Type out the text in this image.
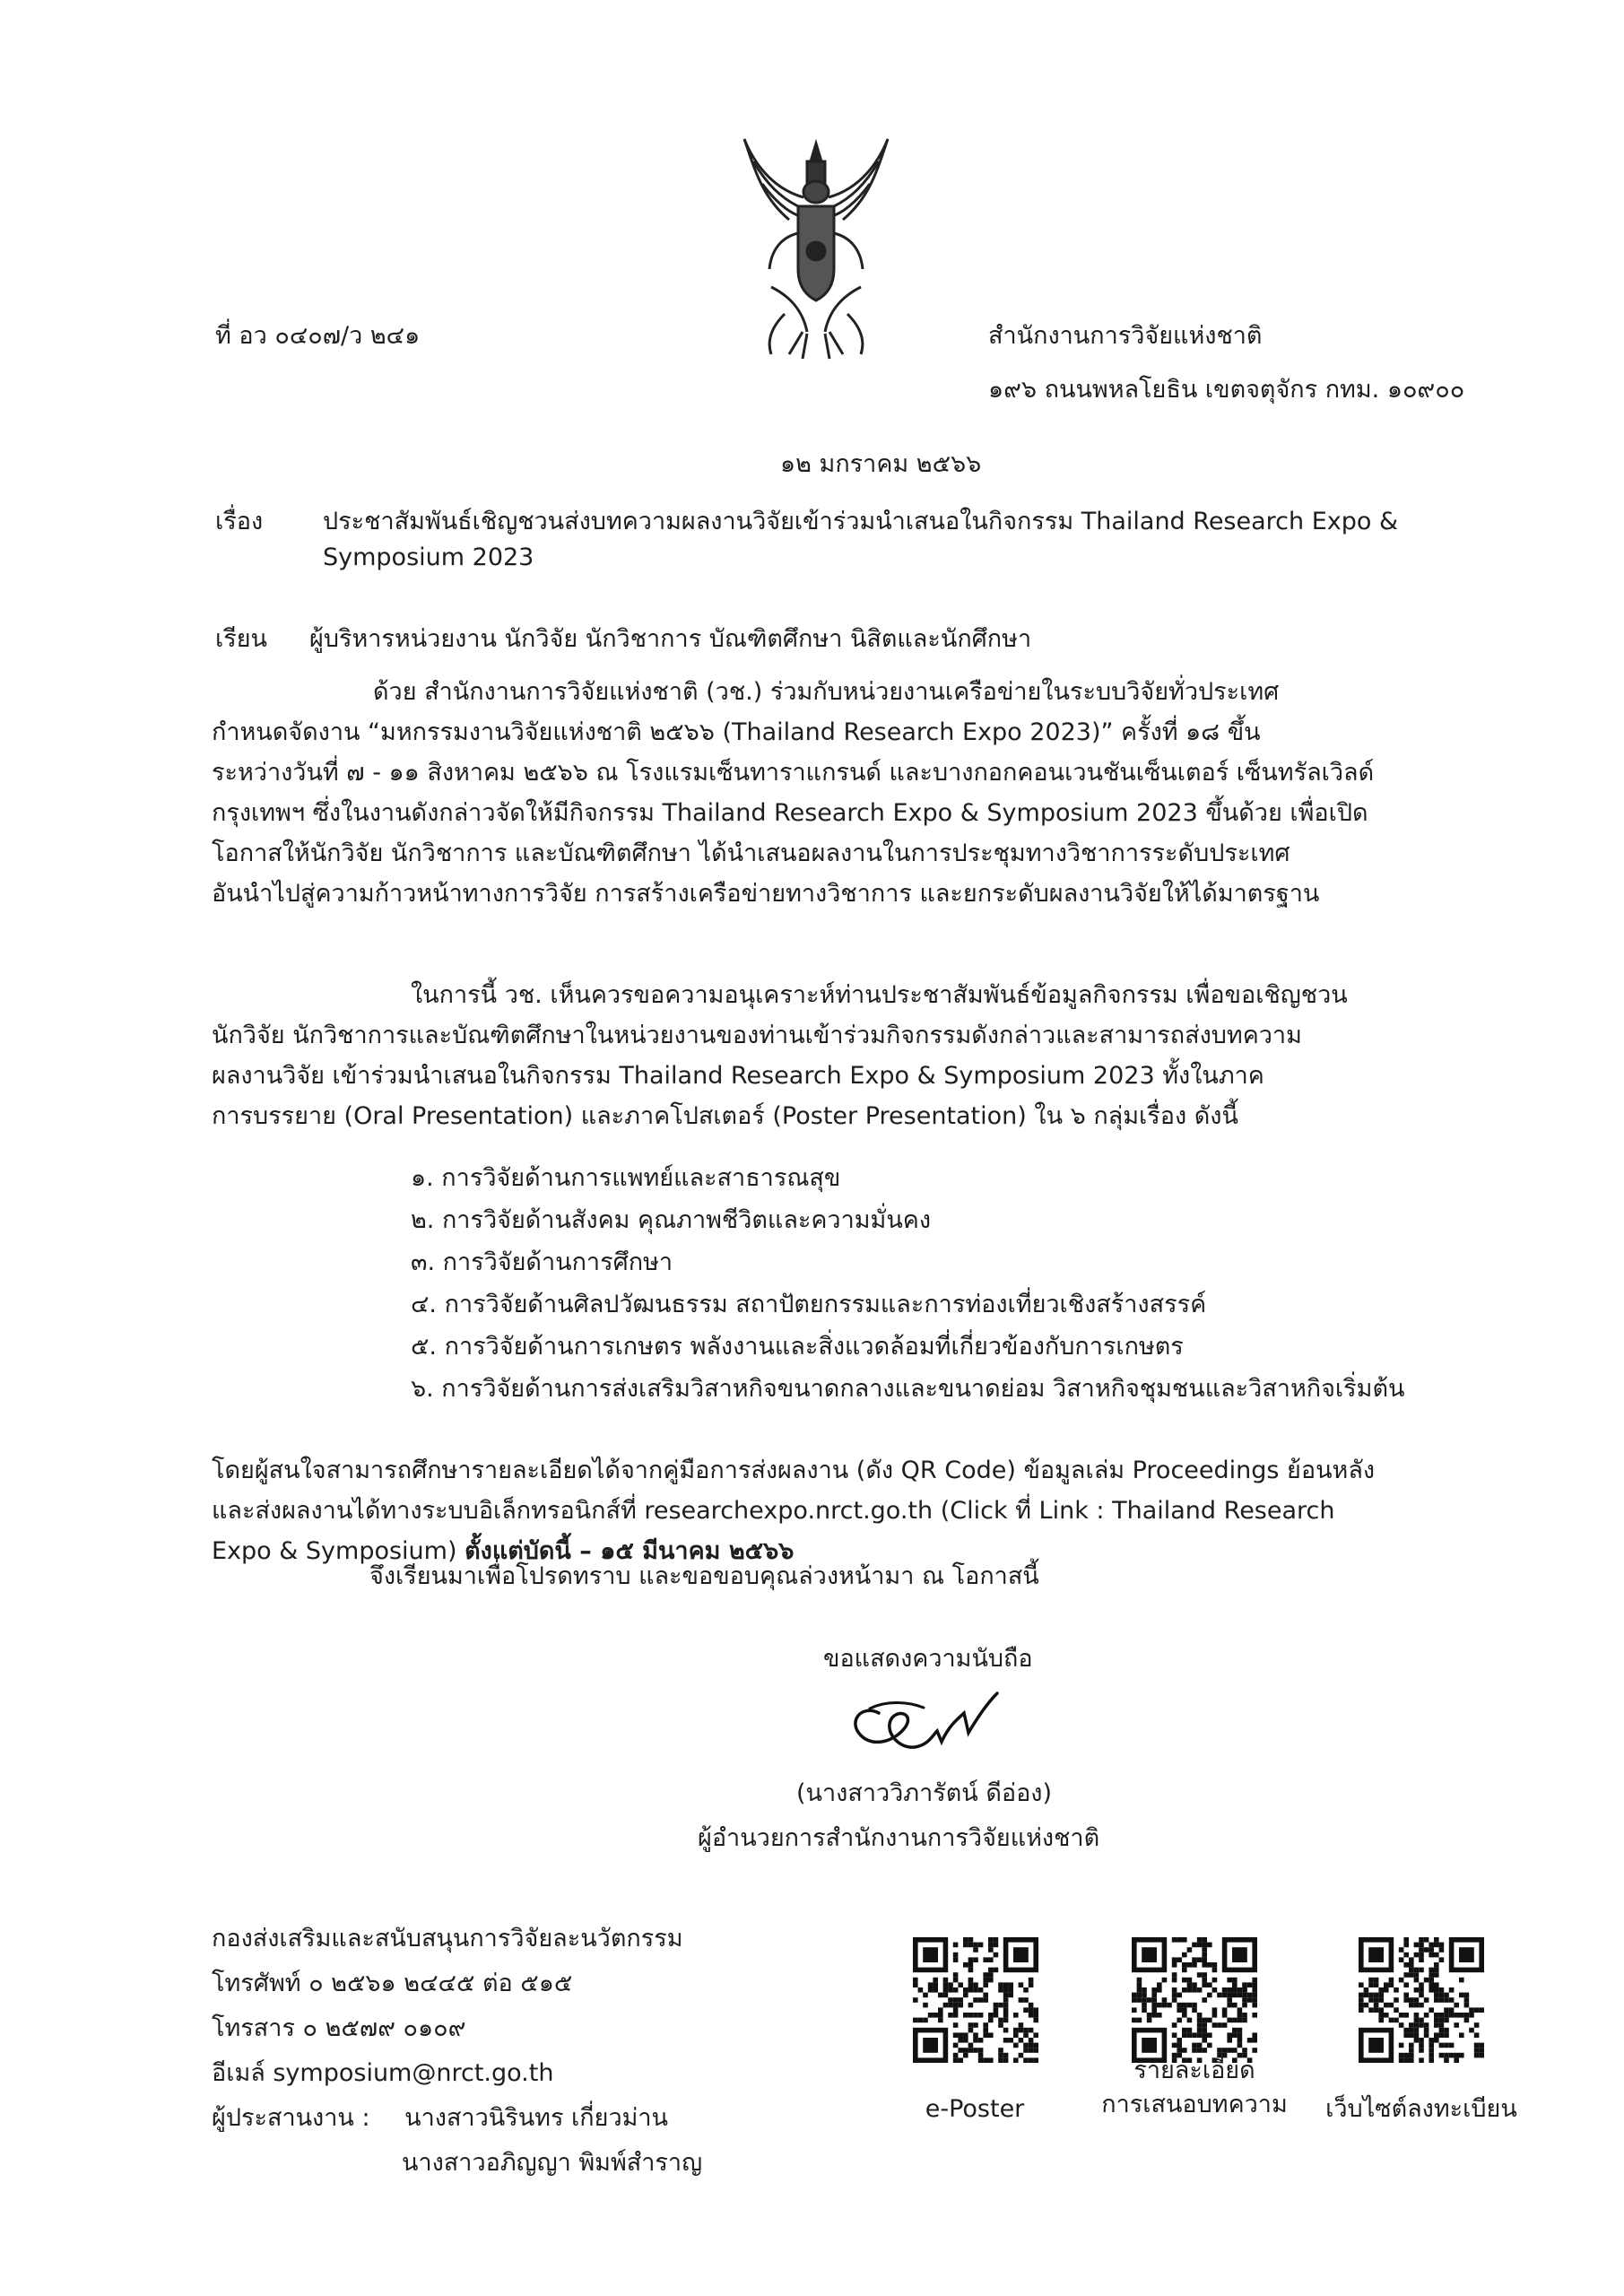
ที่ อว ๐๔๐๗/ว ๒๔๑	สำนักงานการวิจัยแห่งชาติ
๑๙๖ ถนนพหลโยธิน เขตจตุจักร กทม. ๑๐๙๐๐
๑๒ มกราคม ๒๕๖๖
เรื่อง ประชาสัมพันธ์เชิญชวนส่งบทความผลงานวิจัยเข้าร่วมนำเสนอในกิจกรรม Thailand Research Expo &
Symposium 2023
เรียน ผู้บริหารหน่วยงาน นักวิจัย นักวิชาการ บัณฑิตศึกษา นิสิตและนักศึกษา
ด้วย สำนักงานการวิจัยแห่งชาติ (วช.) ร่วมกับหน่วยงานเครือข่ายในระบบวิจัยทั่วประเทศ
กำหนดจัดงาน “มหกรรมงานวิจัยแห่งชาติ ๒๕๖๖ (Thailand Research Expo 2023)” ครั้งที่ ๑๘ ขึ้น
ระหว่างวันที่ ๗ - ๑๑ สิงหาคม ๒๕๖๖ ณ โรงแรมเซ็นทาราแกรนด์ และบางกอกคอนเวนชันเซ็นเตอร์ เซ็นทรัลเวิลด์
กรุงเทพฯ ซึ่งในงานดังกล่าวจัดให้มีกิจกรรม Thailand Research Expo & Symposium 2023 ขึ้นด้วย เพื่อเปิด
โอกาสให้นักวิจัย นักวิชาการ และบัณฑิตศึกษา ได้นำเสนอผลงานในการประชุมทางวิชาการระดับประเทศ
อันนำไปสู่ความก้าวหน้าทางการวิจัย การสร้างเครือข่ายทางวิชาการ และยกระดับผลงานวิจัยให้ได้มาตรฐาน
ในการนี้ วช. เห็นควรขอความอนุเคราะห์ท่านประชาสัมพันธ์ข้อมูลกิจกรรม เพื่อขอเชิญชวน
นักวิจัย นักวิชาการและบัณฑิตศึกษาในหน่วยงานของท่านเข้าร่วมกิจกรรมดังกล่าวและสามารถส่งบทความ
ผลงานวิจัย เข้าร่วมนำเสนอในกิจกรรม Thailand Research Expo & Symposium 2023 ทั้งในภาค
การบรรยาย (Oral Presentation) และภาคโปสเตอร์ (Poster Presentation) ใน ๖ กลุ่มเรื่อง ดังนี้
๑. การวิจัยด้านการแพทย์และสาธารณสุข
๒. การวิจัยด้านสังคม คุณภาพชีวิตและความมั่นคง
๓. การวิจัยด้านการศึกษา
๔. การวิจัยด้านศิลปวัฒนธรรม สถาปัตยกรรมและการท่องเที่ยวเชิงสร้างสรรค์
๕. การวิจัยด้านการเกษตร พลังงานและสิ่งแวดล้อมที่เกี่ยวข้องกับการเกษตร
๖. การวิจัยด้านการส่งเสริมวิสาหกิจขนาดกลางและขนาดย่อม วิสาหกิจชุมชนและวิสาหกิจเริ่มต้น
โดยผู้สนใจสามารถศึกษารายละเอียดได้จากคู่มือการส่งผลงาน (ดัง QR Code) ข้อมูลเล่ม Proceedings ย้อนหลัง
และส่งผลงานได้ทางระบบอิเล็กทรอนิกส์ที่ researchexpo.nrct.go.th (Click ที่ Link : Thailand Research
Expo & Symposium) ตั้งแต่บัดนี้ – ๑๕ มีนาคม ๒๕๖๖
จึงเรียนมาเพื่อโปรดทราบ และขอขอบคุณล่วงหน้ามา ณ โอกาสนี้
ขอแสดงความนับถือ
(นางสาววิภารัตน์ ดีอ่อง)
ผู้อำนวยการสำนักงานการวิจัยแห่งชาติ
กองส่งเสริมและสนับสนุนการวิจัยละนวัตกรรม
โทรศัพท์ ๐ ๒๕๖๑ ๒๔๔๕ ต่อ ๕๑๕
โทรสาร ๐ ๒๕๗๙ ๐๑๐๙
อีเมล์ symposium@nrct.go.th
ผู้ประสานงาน : นางสาวนิรินทร เกี่ยวม่าน
นางสาวอภิญญา พิมพ์สำราญ
e-Poster
รายละเอียด
การเสนอบทความ	เว็บไซต์ลงทะเบียน
